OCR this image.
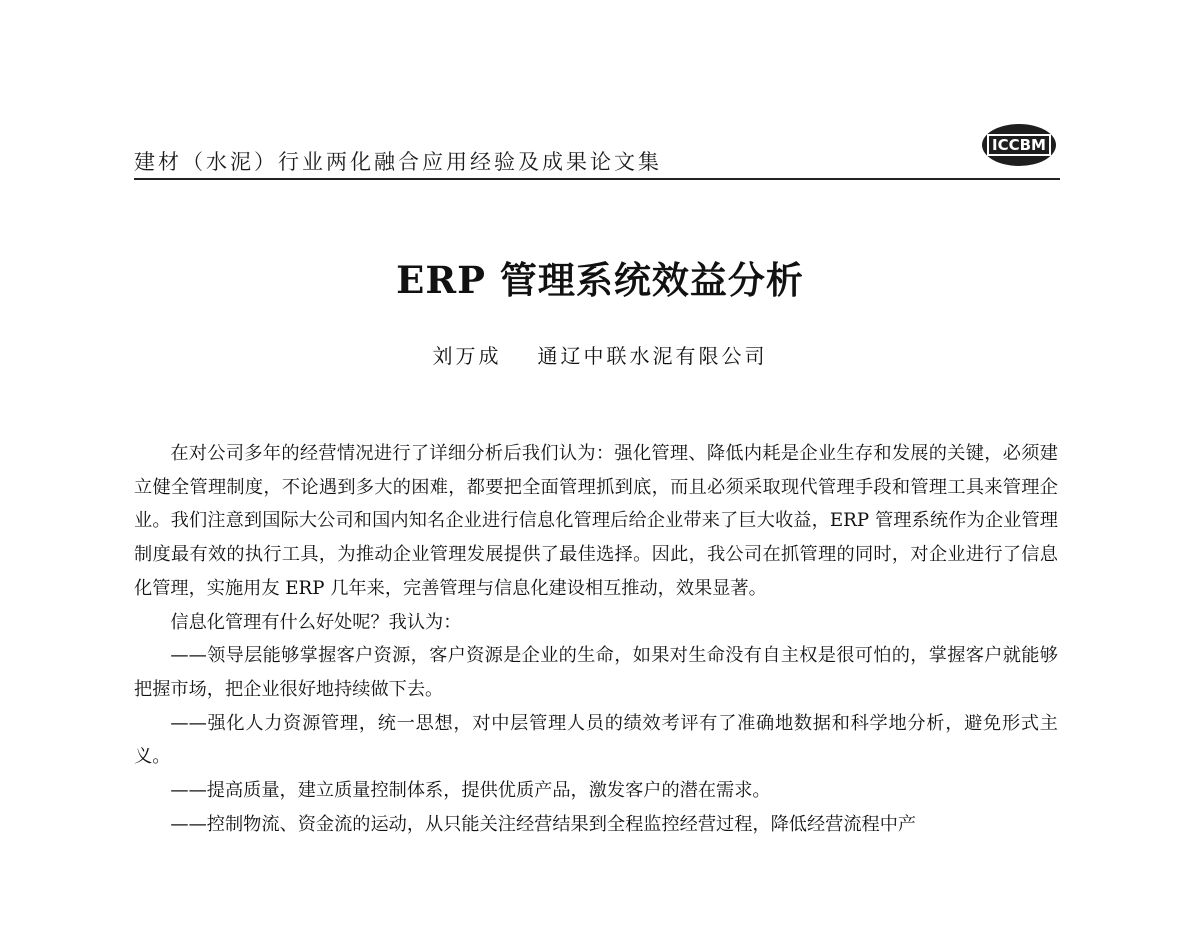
建材（水泥）行业两化融合应用经验及成果论文集
ICCBM
ERP 管理系统效益分析
刘万成 通辽中联水泥有限公司

在对公司多年的经营情况进行了详细分析后我们认为：强化管理、降低内耗是企业生存和发展的关键，必须建立健全管理制度，不论遇到多大的困难，都要把全面管理抓到底，而且必须采取现代管理手段和管理工具来管理企业。我们注意到国际大公司和国内知名企业进行信息化管理后给企业带来了巨大收益，ERP 管理系统作为企业管理制度最有效的执行工具，为推动企业管理发展提供了最佳选择。因此，我公司在抓管理的同时，对企业进行了信息化管理，实施用友 ERP 几年来，完善管理与信息化建设相互推动，效果显著。

信息化管理有什么好处呢？我认为：

——领导层能够掌握客户资源，客户资源是企业的生命，如果对生命没有自主权是很可怕的，掌握客户就能够把握市场，把企业很好地持续做下去。

——强化人力资源管理，统一思想，对中层管理人员的绩效考评有了准确地数据和科学地分析，避免形式主义。

——提高质量，建立质量控制体系，提供优质产品，激发客户的潜在需求。

——控制物流、资金流的运动，从只能关注经营结果到全程监控经营过程，降低经营流程中产
